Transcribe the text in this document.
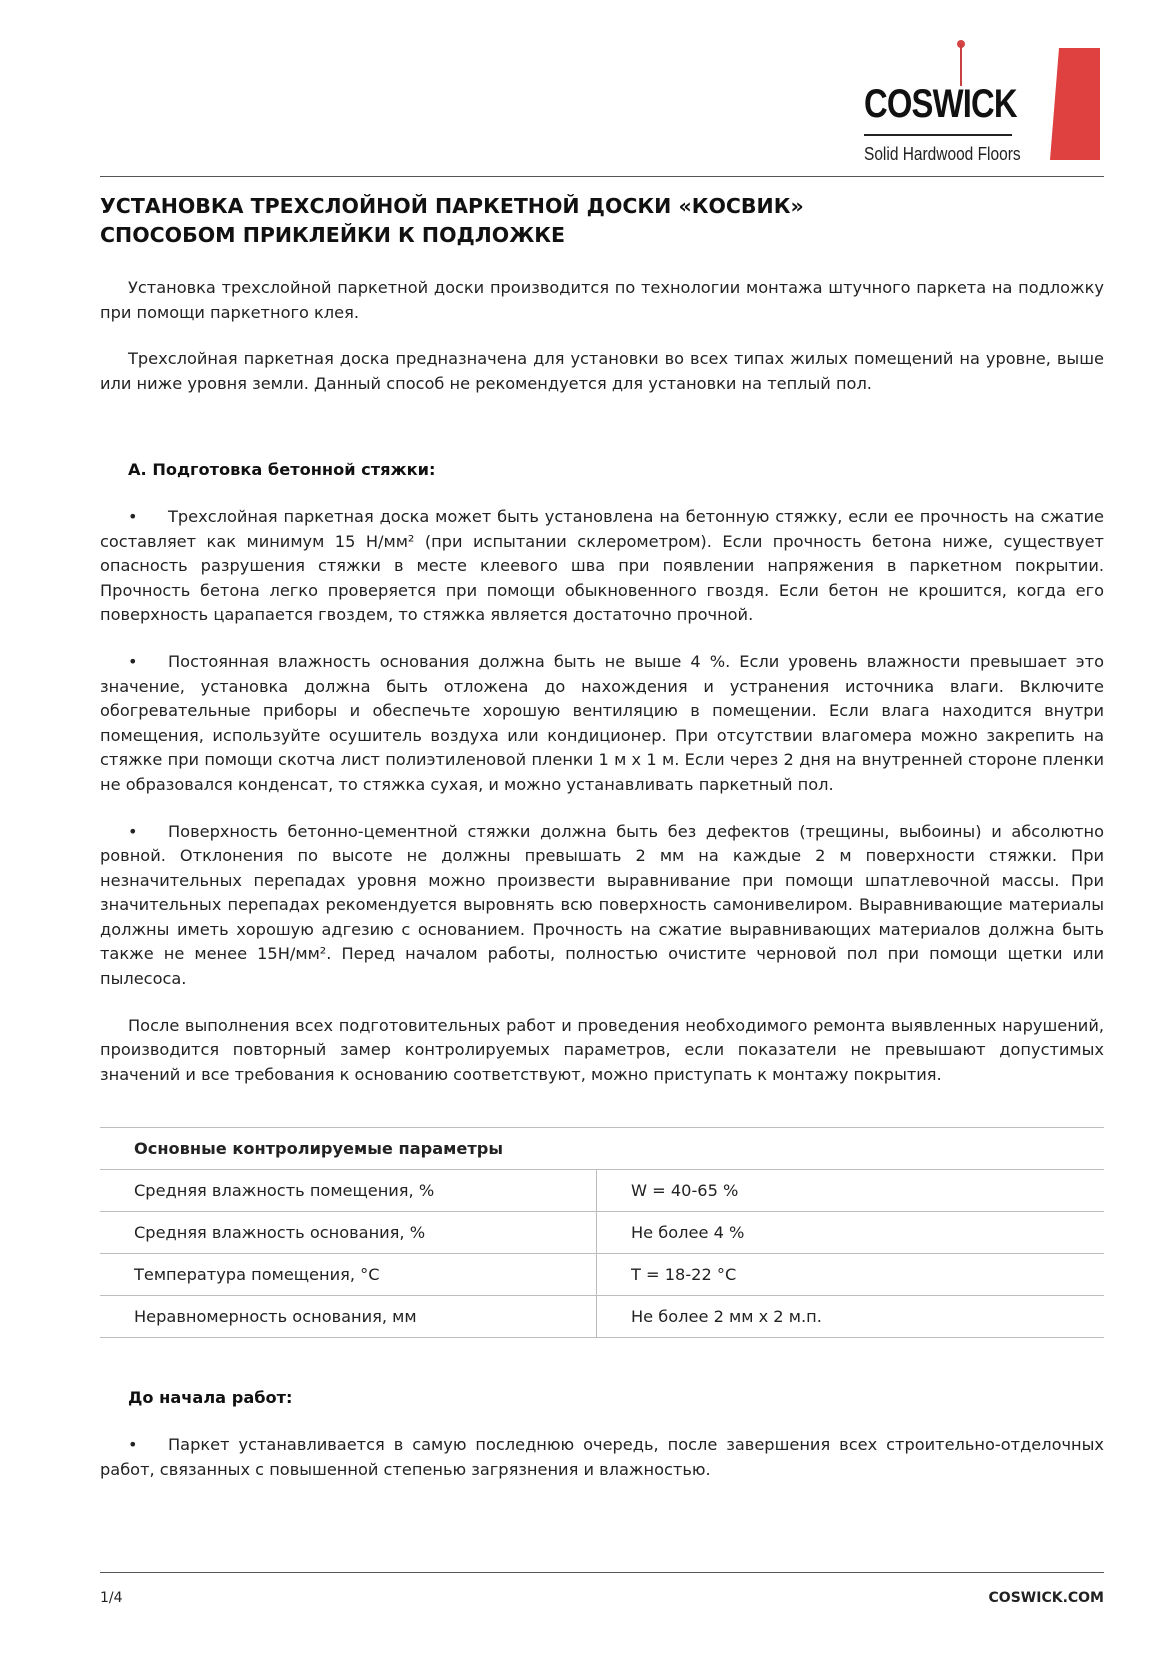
COSWICK
Solid Hardwood Floors
УСТАНОВКА ТРЕХСЛОЙНОЙ ПАРКЕТНОЙ ДОСКИ «КОСВИК»
СПОСОБОМ ПРИКЛЕЙКИ К ПОДЛОЖКЕ

Установка трехслойной паркетной доски производится по технологии монтажа штучного паркета на подложку при помощи паркетного клея.

Трехслойная паркетная доска предназначена для установки во всех типах жилых помещений на уровне, выше или ниже уровня земли. Данный способ не рекомендуется для установки на теплый пол.

А. Подготовка бетонной стяжки:

• Трехслойная паркетная доска может быть установлена на бетонную стяжку, если ее прочность на сжатие составляет как минимум 15 Н/мм² (при испытании склерометром). Если прочность бетона ниже, существует опасность разрушения стяжки в месте клеевого шва при появлении напряжения в паркетном покрытии. Прочность бетона легко проверяется при помощи обыкновенного гвоздя. Если бетон не крошится, когда его поверхность царапается гвоздем, то стяжка является достаточно прочной.

• Постоянная влажность основания должна быть не выше 4 %. Если уровень влажности превышает это значение, установка должна быть отложена до нахождения и устранения источника влаги. Включите обогревательные приборы и обеспечьте хорошую вентиляцию в помещении. Если влага находится внутри помещения, используйте осушитель воздуха или кондиционер. При отсутствии влагомера можно закрепить на стяжке при помощи скотча лист полиэтиленовой пленки 1 м х 1 м. Если через 2 дня на внутренней стороне пленки не образовался конденсат, то стяжка сухая, и можно устанавливать паркетный пол.

• Поверхность бетонно-цементной стяжки должна быть без дефектов (трещины, выбоины) и абсолютно ровной. Отклонения по высоте не должны превышать 2 мм на каждые 2 м поверхности стяжки. При незначительных перепадах уровня можно произвести выравнивание при помощи шпатлевочной массы. При значительных перепадах рекомендуется выровнять всю поверхность самонивелиром. Выравнивающие материалы должны иметь хорошую адгезию с основанием. Прочность на сжатие выравнивающих материалов должна быть также не менее 15Н/мм². Перед началом работы, полностью очистите черновой пол при помощи щетки или пылесоса.

После выполнения всех подготовительных работ и проведения необходимого ремонта выявленных нарушений, производится повторный замер контролируемых параметров, если показатели не превышают допустимых значений и все требования к основанию соответствуют, можно приступать к монтажу покрытия.

Основные контролируемые параметры	
Средняя влажность помещения, %	W = 40-65 %
Средняя влажность основания, %	Не более 4 %
Температура помещения, °C	T = 18-22 °C
Неравномерность основания, мм	Не более 2 мм х 2 м.п.
До начала работ:

• Паркет устанавливается в самую последнюю очередь, после завершения всех строительно-отделочных работ, связанных с повышенной степенью загрязнения и влажностью.

1/4	COSWICK.COM
